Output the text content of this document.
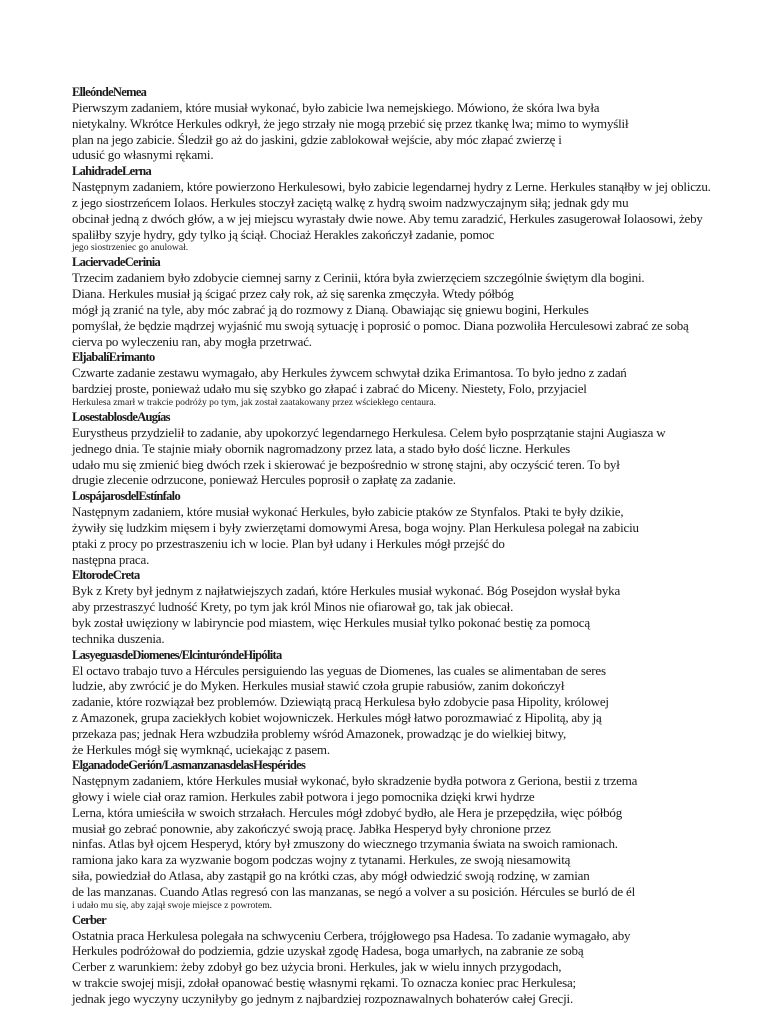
ElleóndeNemea
Pierwszym zadaniem, które musiał wykonać, było zabicie lwa nemejskiego. Mówiono, że skóra lwa była
nietykalny. Wkrótce Herkules odkrył, że jego strzały nie mogą przebić się przez tkankę lwa; mimo to wymyślił
plan na jego zabicie. Śledził go aż do jaskini, gdzie zablokował wejście, aby móc złapać zwierzę i
udusić go własnymi rękami.
LahidradeLerna
Następnym zadaniem, które powierzono Herkulesowi, było zabicie legendarnej hydry z Lerne. Herkules stanąłby w jej obliczu.
z jego siostrzeńcem Iolaos. Herkules stoczył zaciętą walkę z hydrą swoim nadzwyczajnym siłą; jednak gdy mu
obcinał jedną z dwóch głów, a w jej miejscu wyrastały dwie nowe. Aby temu zaradzić, Herkules zasugerował Iolaosowi, żeby
spaliłby szyje hydry, gdy tylko ją ściął. Chociaż Herakles zakończył zadanie, pomoc
jego siostrzeniec go anulował.
LaciervadeCerinia
Trzecim zadaniem było zdobycie ciemnej sarny z Cerinii, która była zwierzęciem szczególnie świętym dla bogini.
Diana. Herkules musiał ją ścigać przez cały rok, aż się sarenka zmęczyła. Wtedy półbóg
mógł ją zranić na tyle, aby móc zabrać ją do rozmowy z Dianą. Obawiając się gniewu bogini, Herkules
pomyślał, że będzie mądrzej wyjaśnić mu swoją sytuację i poprosić o pomoc. Diana pozwoliła Herculesowi zabrać ze sobą
cierva po wyleczeniu ran, aby mogła przetrwać.
EljabalíErimanto
Czwarte zadanie zestawu wymagało, aby Herkules żywcem schwytał dzika Erimantosa. To było jedno z zadań
bardziej proste, ponieważ udało mu się szybko go złapać i zabrać do Miceny. Niestety, Folo, przyjaciel
Herkulesa zmarł w trakcie podróży po tym, jak został zaatakowany przez wściekłego centaura.
LosestablosdeAugías
Eurystheus przydzielił to zadanie, aby upokorzyć legendarnego Herkulesa. Celem było posprzątanie stajni Augiasza w
jednego dnia. Te stajnie miały obornik nagromadzony przez lata, a stado było dość liczne. Herkules
udało mu się zmienić bieg dwóch rzek i skierować je bezpośrednio w stronę stajni, aby oczyścić teren. To był
drugie zlecenie odrzucone, ponieważ Hercules poprosił o zapłatę za zadanie.
LospájarosdelEstínfalo
Następnym zadaniem, które musiał wykonać Herkules, było zabicie ptaków ze Stynfalos. Ptaki te były dzikie,
żywiły się ludzkim mięsem i były zwierzętami domowymi Aresa, boga wojny. Plan Herkulesa polegał na zabiciu
ptaki z procy po przestraszeniu ich w locie. Plan był udany i Herkules mógł przejść do
następna praca.
EltorodeCreta
Byk z Krety był jednym z najłatwiejszych zadań, które Herkules musiał wykonać. Bóg Posejdon wysłał byka
aby przestraszyć ludność Krety, po tym jak król Minos nie ofiarował go, tak jak obiecał.
byk został uwięziony w labiryncie pod miastem, więc Herkules musiał tylko pokonać bestię za pomocą
technika duszenia.
LasyeguasdeDiomenes/ElcinturóndeHipólita
El octavo trabajo tuvo a Hércules persiguiendo las yeguas de Diomenes, las cuales se alimentaban de seres
ludzie, aby zwrócić je do Myken. Herkules musiał stawić czoła grupie rabusiów, zanim dokończył
zadanie, które rozwiązał bez problemów. Dziewiątą pracą Herkulesa było zdobycie pasa Hipolity, królowej
z Amazonek, grupa zaciekłych kobiet wojowniczek. Herkules mógł łatwo porozmawiać z Hipolitą, aby ją
przekaza pas; jednak Hera wzbudziła problemy wśród Amazonek, prowadząc je do wielkiej bitwy,
że Herkules mógł się wymknąć, uciekając z pasem.
ElganadodeGerión/LasmanzanasdelasHespérides
Następnym zadaniem, które Herkules musiał wykonać, było skradzenie bydła potwora z Geriona, bestii z trzema
głowy i wiele ciał oraz ramion. Herkules zabił potwora i jego pomocnika dzięki krwi hydrze
Lerna, która umieściła w swoich strzałach. Hercules mógł zdobyć bydło, ale Hera je przepędziła, więc półbóg
musiał go zebrać ponownie, aby zakończyć swoją pracę. Jabłka Hesperyd były chronione przez
ninfas. Atlas był ojcem Hesperyd, który był zmuszony do wiecznego trzymania świata na swoich ramionach.
ramiona jako kara za wyzwanie bogom podczas wojny z tytanami. Herkules, ze swoją niesamowitą
siła, powiedział do Atlasa, aby zastąpił go na krótki czas, aby mógł odwiedzić swoją rodzinę, w zamian
de las manzanas. Cuando Atlas regresó con las manzanas, se negó a volver a su posición. Hércules se burló de él
i udało mu się, aby zajął swoje miejsce z powrotem.
Cerber
Ostatnia praca Herkulesa polegała na schwyceniu Cerbera, trójgłowego psa Hadesa. To zadanie wymagało, aby
Herkules podróżował do podziemia, gdzie uzyskał zgodę Hadesa, boga umarłych, na zabranie ze sobą
Cerber z warunkiem: żeby zdobył go bez użycia broni. Herkules, jak w wielu innych przygodach,
w trakcie swojej misji, zdołał opanować bestię własnymi rękami. To oznacza koniec prac Herkulesa;
jednak jego wyczyny uczyniłyby go jednym z najbardziej rozpoznawalnych bohaterów całej Grecji.
